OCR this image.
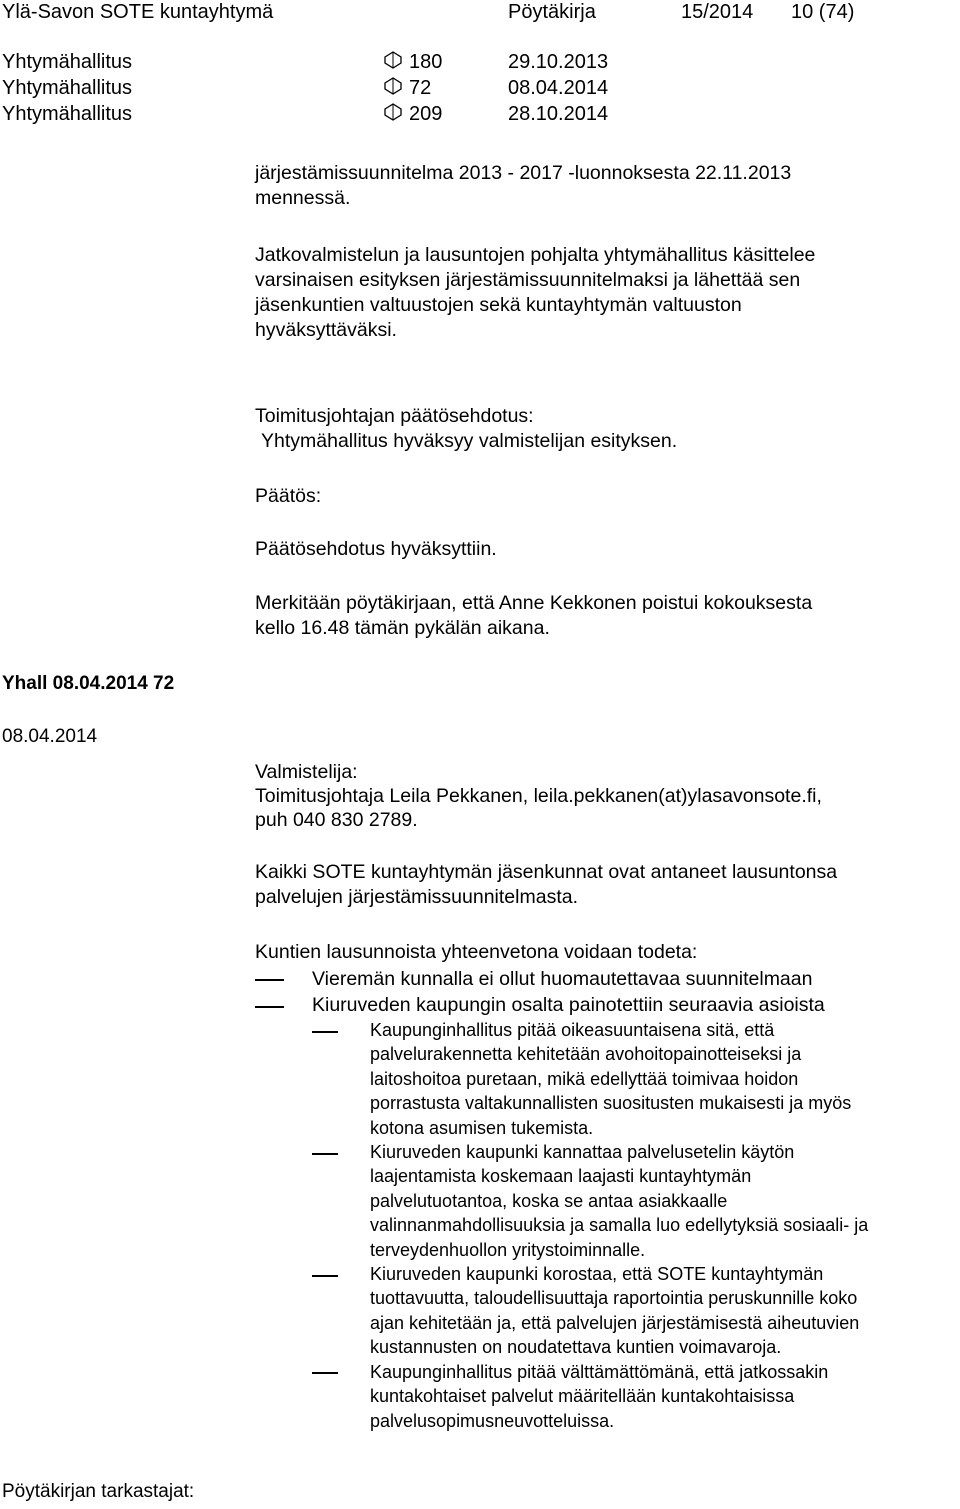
Ylä-Savon SOTE kuntayhtymä	Pöytäkirja	15/2014 10 (74)
Yhtymähallitus	180	29.10.2013
Yhtymähallitus	72	08.04.2014
Yhtymähallitus	209	28.10.2014
järjestämissuunnitelma 2013 - 2017 -luonnoksesta 22.11.2013
mennessä.
Jatkovalmistelun ja lausuntojen pohjalta yhtymähallitus käsittelee
varsinaisen esityksen järjestämissuunnitelmaksi ja lähettää sen
jäsenkuntien valtuustojen sekä kuntayhtymän valtuuston
hyväksyttäväksi.
Toimitusjohtajan päätösehdotus:
Yhtymähallitus hyväksyy valmistelijan esityksen.
Päätös:
Päätösehdotus hyväksyttiin.
Merkitään pöytäkirjaan, että Anne Kekkonen poistui kokouksesta
kello 16.48 tämän pykälän aikana.
Yhall 08.04.2014 72
08.04.2014
Valmistelija:
Toimitusjohtaja Leila Pekkanen, leila.pekkanen(at)ylasavonsote.fi,
puh 040 830 2789.
Kaikki SOTE kuntayhtymän jäsenkunnat ovat antaneet lausuntonsa
palvelujen järjestämissuunnitelmasta.
Kuntien lausunnoista yhteenvetona voidaan todeta:
Vieremän kunnalla ei ollut huomautettavaa suunnitelmaan
Kiuruveden kaupungin osalta painotettiin seuraavia asioista
Kaupunginhallitus pitää oikeasuuntaisena sitä, että
palvelurakennetta kehitetään avohoitopainotteiseksi ja
laitoshoitoa puretaan, mikä edellyttää toimivaa hoidon
porrastusta valtakunnallisten suositusten mukaisesti ja myös
kotona asumisen tukemista.
Kiuruveden kaupunki kannattaa palvelusetelin käytön
laajentamista koskemaan laajasti kuntayhtymän
palvelutuotantoa, koska se antaa asiakkaalle
valinnanmahdollisuuksia ja samalla luo edellytyksiä sosiaali- ja
terveydenhuollon yritystoiminnalle.
Kiuruveden kaupunki korostaa, että SOTE kuntayhtymän
tuottavuutta, taloudellisuuttaja raportointia peruskunnille koko
ajan kehitetään ja, että palvelujen järjestämisestä aiheutuvien
kustannusten on noudatettava kuntien voimavaroja.
Kaupunginhallitus pitää välttämättömänä, että jatkossakin
kuntakohtaiset palvelut määritellään kuntakohtaisissa
palvelusopimusneuvotteluissa.
Pöytäkirjan tarkastajat:
